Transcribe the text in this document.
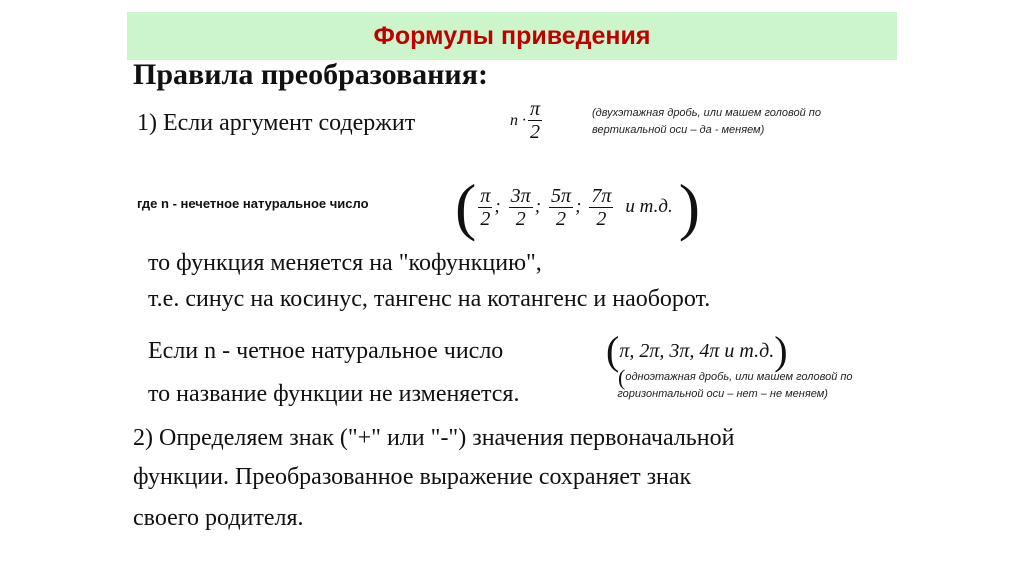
Формулы приведения
Правила преобразования:
1) Если аргумент содержит	$n \cdot \frac{\pi}{2}$	(двухэтажная дробь, или машем головой по
вертикальной оси – да - меняем)
где n - нечетное натуральное число ( $\frac{\pi}{2}$ ; $\frac{3\pi}{2}$ ; $\frac{5\pi}{2}$ ; $\frac{7\pi}{2}$ и т.д. )
то функция меняется на "кофункцию",
т.е. синус на косинус, тангенс на котангенс и наоборот.
Если n - четное натуральное число	( π, 2π, 3π, 4π и т.д. )
то название функции не изменяется.
( одноэтажная дробь, или машем головой по
горизонтальной оси – нет – не меняем)
2) Определяем знак ("+" или "-") значения первоначальной
функции. Преобразованное выражение сохраняет знак
своего родителя.
